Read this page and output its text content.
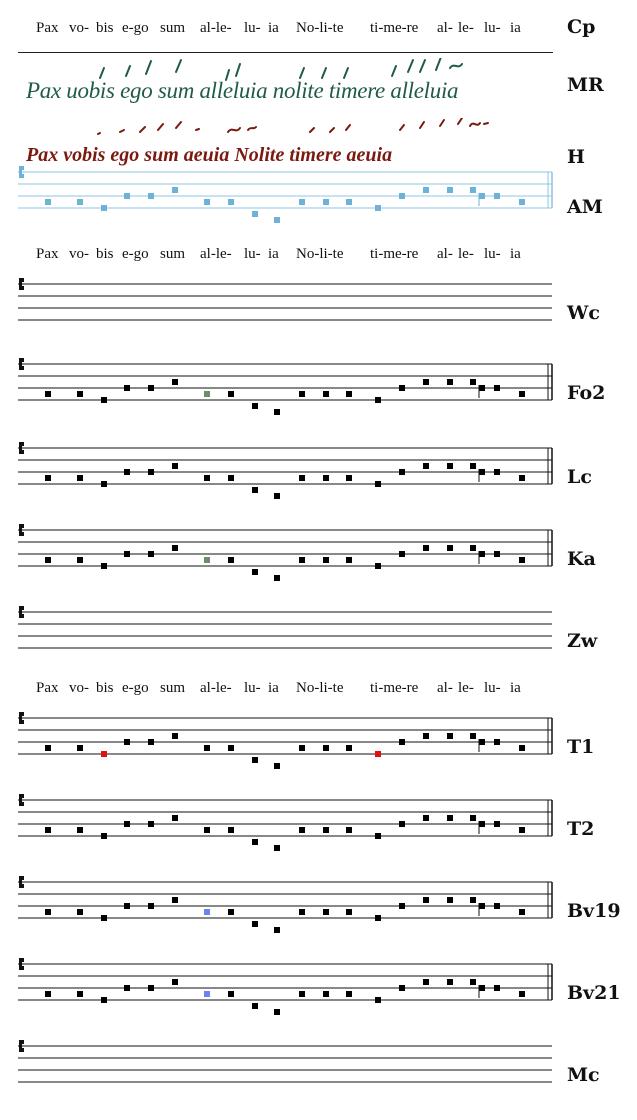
Pax vo- bis e-go sum al-le- lu- ia No-li-te ti-me-re al- le- lu- ia
Pax vo- bis e-go sum al-le- lu- ia No-li-te ti-me-re al- le- lu- ia
Pax vo- bis e-go sum al-le- lu- ia No-li-te ti-me-re al- le- lu- ia
Cp
MR
H
AM
Wc
Fo2
Lc
Ka
Zw
T1
T2
Bv19
Bv21
Mc
Pax uobis ego sum alleluia nolite timere alleluia
Pax vobis ego sum aeuia Nolite timere aeuia
